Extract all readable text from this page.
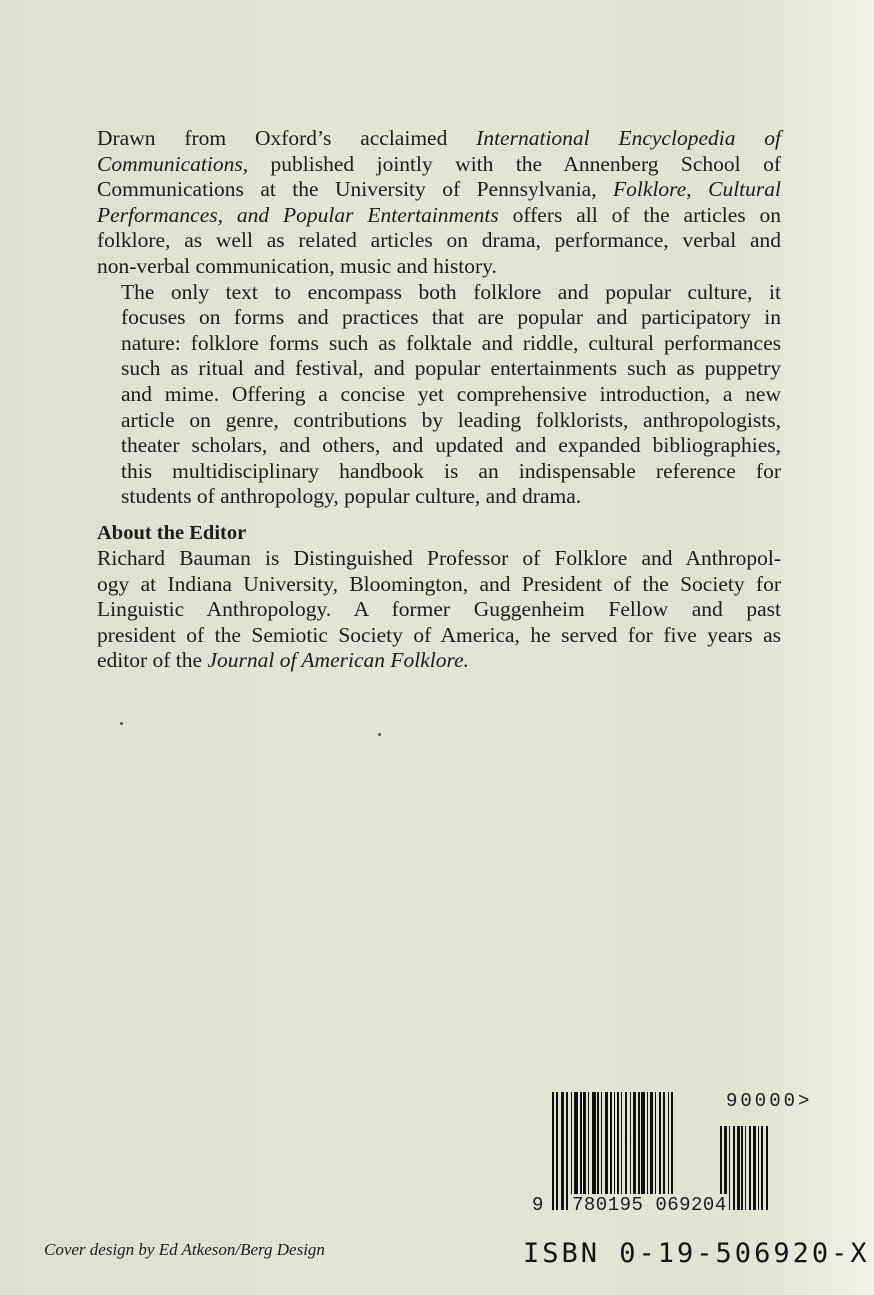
Drawn from Oxford’s acclaimed International Encyclopedia of
Communications, published jointly with the Annenberg School of
Communications at the University of Pennsylvania, Folklore, Cultural
Performances, and Popular Entertainments offers all of the articles on
folklore, as well as related articles on drama, performance, verbal and
non-verbal communication, music and history.
The only text to encompass both folklore and popular culture, it
focuses on forms and practices that are popular and participatory in
nature: folklore forms such as folktale and riddle, cultural performances
such as ritual and festival, and popular entertainments such as puppetry
and mime. Offering a concise yet comprehensive introduction, a new
article on genre, contributions by leading folklorists, anthropologists,
theater scholars, and others, and updated and expanded bibliographies,
this multidisciplinary handbook is an indispensable reference for
students of anthropology, popular culture, and drama.
About the Editor
Richard Bauman is Distinguished Professor of Folklore and Anthropol-
ogy at Indiana University, Bloomington, and President of the Society for
Linguistic Anthropology. A former Guggenheim Fellow and past
president of the Semiotic Society of America, he served for five years as
editor of the Journal of American Folklore.
9 780195 069204
90000>
Cover design by Ed Atkeson/Berg Design	ISBN 0-19-506920-X
